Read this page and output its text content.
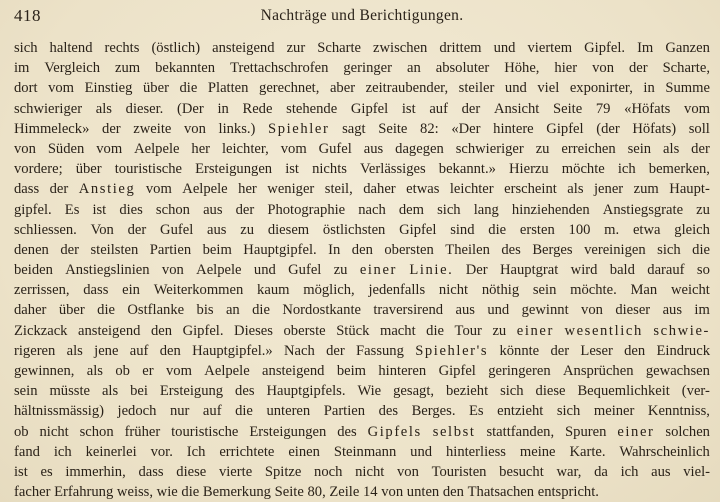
418	Nachträge und Berichtigungen.
sich haltend rechts (östlich) ansteigend zur Scharte zwischen drittem und viertem Gipfel. Im Ganzen
im Vergleich zum bekannten Trettachschrofen geringer an absoluter Höhe, hier von der Scharte,
dort vom Einstieg über die Platten gerechnet, aber zeitraubender, steiler und viel exponirter, in Summe
schwieriger als dieser. (Der in Rede stehende Gipfel ist auf der Ansicht Seite 79 «Höfats vom
Himmeleck» der zweite von links.) Spiehler sagt Seite 82: «Der hintere Gipfel (der Höfats) soll
von Süden vom Aelpele her leichter, vom Gufel aus dagegen schwieriger zu erreichen sein als der
vordere; über touristische Ersteigungen ist nichts Verlässiges bekannt.» Hierzu möchte ich bemerken,
dass der Anstieg vom Aelpele her weniger steil, daher etwas leichter erscheint als jener zum Haupt-
gipfel. Es ist dies schon aus der Photographie nach dem sich lang hinziehenden Anstiegsgrate zu
schliessen. Von der Gufel aus zu diesem östlichsten Gipfel sind die ersten 100 m. etwa gleich
denen der steilsten Partien beim Hauptgipfel. In den obersten Theilen des Berges vereinigen sich die
beiden Anstiegslinien von Aelpele und Gufel zu einer Linie. Der Hauptgrat wird bald darauf so
zerrissen, dass ein Weiterkommen kaum möglich, jedenfalls nicht nöthig sein möchte. Man weicht
daher über die Ostflanke bis an die Nordostkante traversirend aus und gewinnt von dieser aus im
Zickzack ansteigend den Gipfel. Dieses oberste Stück macht die Tour zu einer wesentlich schwie-
rigeren als jene auf den Hauptgipfel.» Nach der Fassung Spiehler's könnte der Leser den Eindruck
gewinnen, als ob er vom Aelpele ansteigend beim hinteren Gipfel geringeren Ansprüchen gewachsen
sein müsste als bei Ersteigung des Hauptgipfels. Wie gesagt, bezieht sich diese Bequemlichkeit (ver-
hältnissmässig) jedoch nur auf die unteren Partien des Berges. Es entzieht sich meiner Kenntniss,
ob nicht schon früher touristische Ersteigungen des Gipfels selbst stattfanden, Spuren einer solchen
fand ich keinerlei vor. Ich errichtete einen Steinmann und hinterliess meine Karte. Wahrscheinlich
ist es immerhin, dass diese vierte Spitze noch nicht von Touristen besucht war, da ich aus viel-
facher Erfahrung weiss, wie die Bemerkung Seite 80, Zeile 14 von unten den Thatsachen entspricht.
